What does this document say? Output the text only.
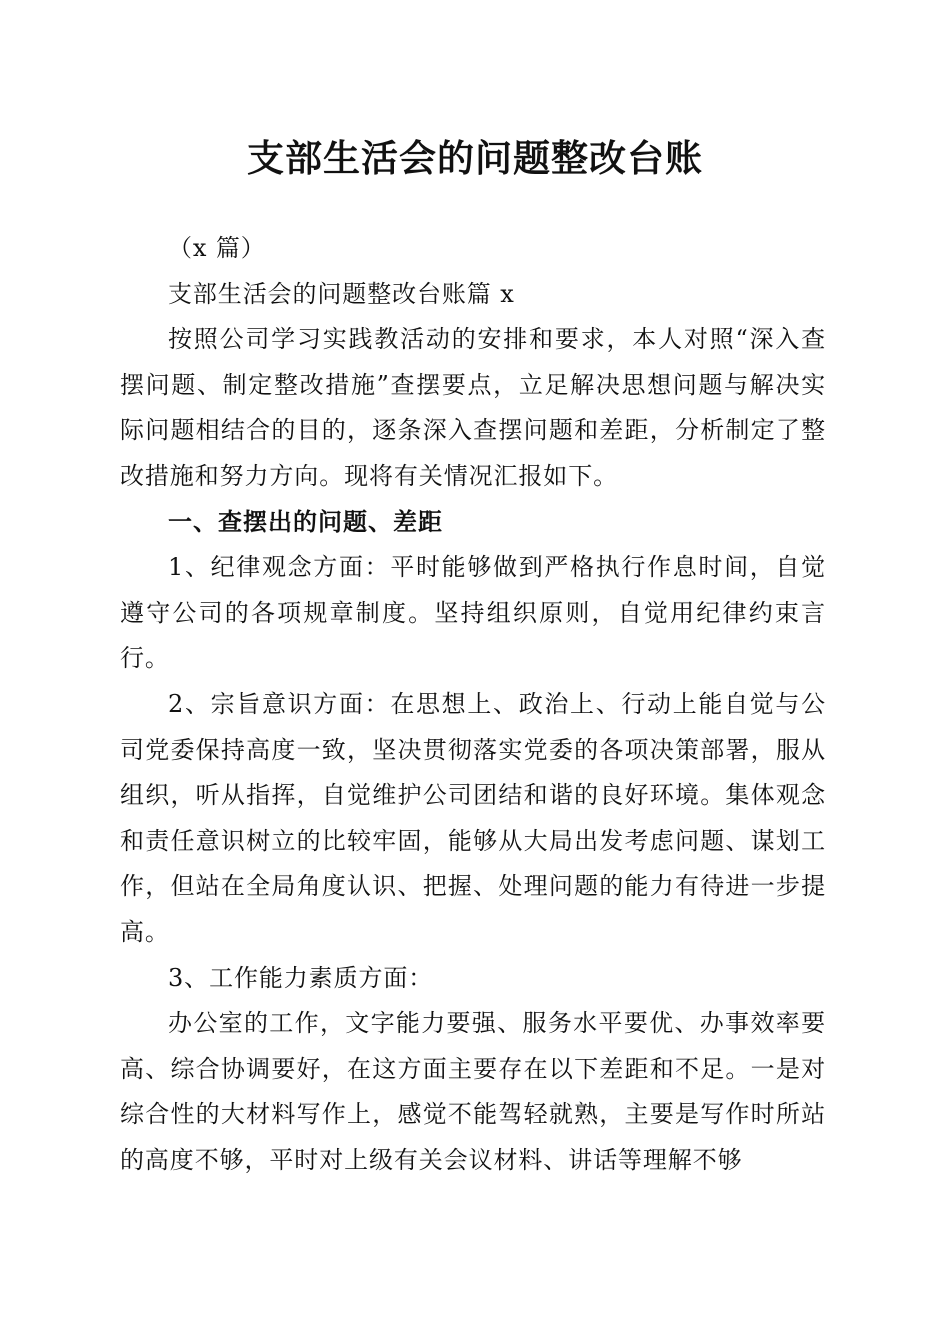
支部生活会的问题整改台账

（x 篇）

支部生活会的问题整改台账篇 x

按照公司学习实践教活动的安排和要求，本人对照“深入查摆问题、制定整改措施”查摆要点，立足解决思想问题与解决实际问题相结合的目的，逐条深入查摆问题和差距，分析制定了整改措施和努力方向。现将有关情况汇报如下。

一、查摆出的问题、差距

1、纪律观念方面：平时能够做到严格执行作息时间，自觉遵守公司的各项规章制度。坚持组织原则，自觉用纪律约束言行。

2、宗旨意识方面：在思想上、政治上、行动上能自觉与公司党委保持高度一致，坚决贯彻落实党委的各项决策部署，服从组织，听从指挥，自觉维护公司团结和谐的良好环境。集体观念和责任意识树立的比较牢固，能够从大局出发考虑问题、谋划工作，但站在全局角度认识、把握、处理问题的能力有待进一步提高。

3、工作能力素质方面：

办公室的工作，文字能力要强、服务水平要优、办事效率要高、综合协调要好，在这方面主要存在以下差距和不足。一是对综合性的大材料写作上，感觉不能驾轻就熟，主要是写作时所站的高度不够，平时对上级有关会议材料、讲话等理解不够
